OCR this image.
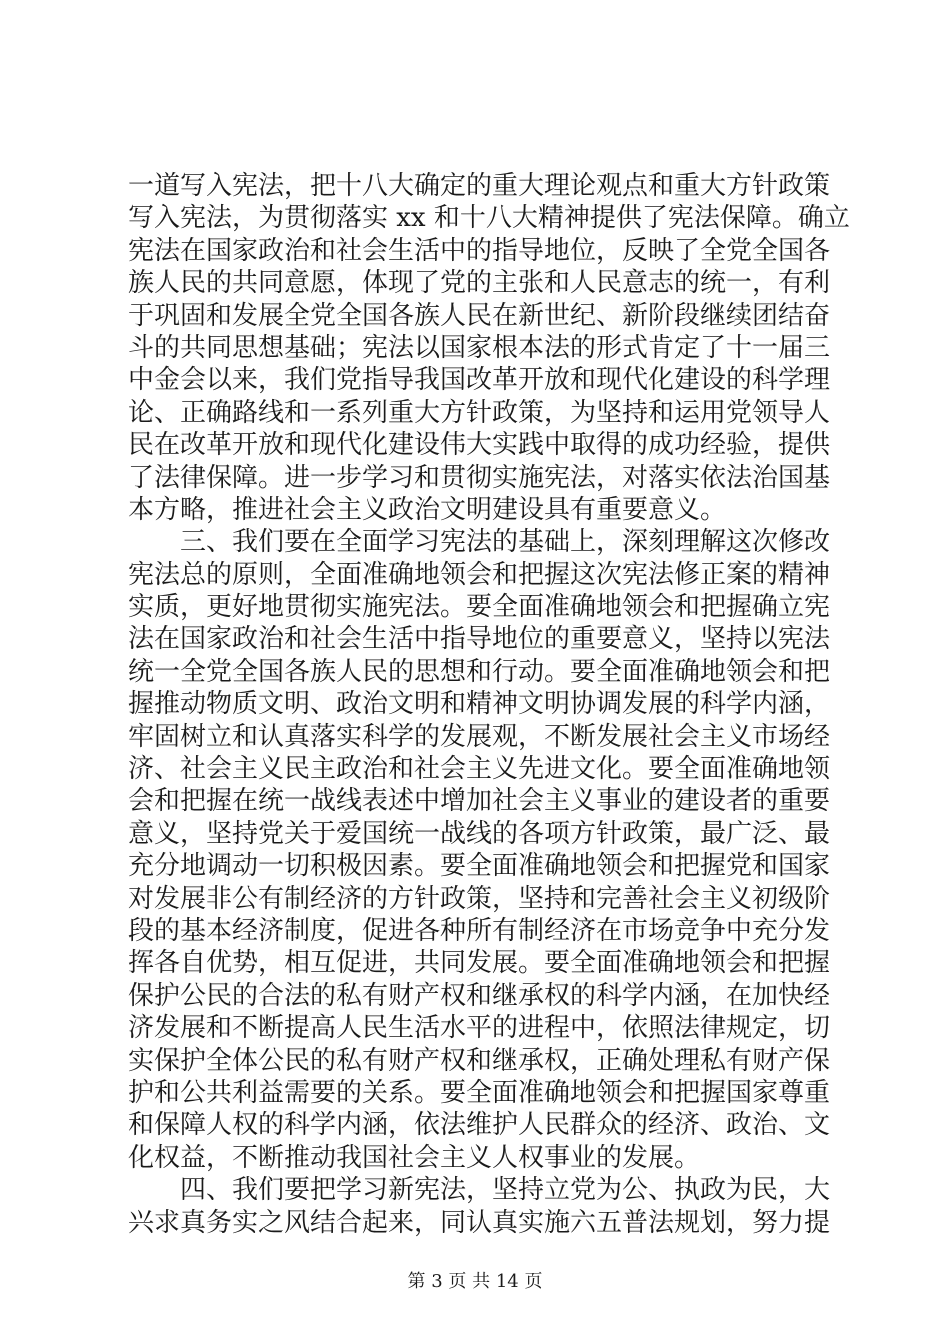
一道写入宪法，把十八大确定的重大理论观点和重大方针政策
写入宪法，为贯彻落实 xx 和十八大精神提供了宪法保障。确立
宪法在国家政治和社会生活中的指导地位，反映了全党全国各
族人民的共同意愿，体现了党的主张和人民意志的统一，有利
于巩固和发展全党全国各族人民在新世纪、新阶段继续团结奋
斗的共同思想基础；宪法以国家根本法的形式肯定了十一届三
中金会以来，我们党指导我国改革开放和现代化建设的科学理
论、正确路线和一系列重大方针政策，为坚持和运用党领导人
民在改革开放和现代化建设伟大实践中取得的成功经验，提供
了法律保障。进一步学习和贯彻实施宪法，对落实依法治国基
本方略，推进社会主义政治文明建设具有重要意义。
三、我们要在全面学习宪法的基础上，深刻理解这次修改
宪法总的原则，全面准确地领会和把握这次宪法修正案的精神
实质，更好地贯彻实施宪法。要全面准确地领会和把握确立宪
法在国家政治和社会生活中指导地位的重要意义，坚持以宪法
统一全党全国各族人民的思想和行动。要全面准确地领会和把
握推动物质文明、政治文明和精神文明协调发展的科学内涵，
牢固树立和认真落实科学的发展观，不断发展社会主义市场经
济、社会主义民主政治和社会主义先进文化。要全面准确地领
会和把握在统一战线表述中增加社会主义事业的建设者的重要
意义，坚持党关于爱国统一战线的各项方针政策，最广泛、最
充分地调动一切积极因素。要全面准确地领会和把握党和国家
对发展非公有制经济的方针政策，坚持和完善社会主义初级阶
段的基本经济制度，促进各种所有制经济在市场竞争中充分发
挥各自优势，相互促进，共同发展。要全面准确地领会和把握
保护公民的合法的私有财产权和继承权的科学内涵，在加快经
济发展和不断提高人民生活水平的进程中，依照法律规定，切
实保护全体公民的私有财产权和继承权，正确处理私有财产保
护和公共利益需要的关系。要全面准确地领会和把握国家尊重
和保障人权的科学内涵，依法维护人民群众的经济、政治、文
化权益，不断推动我国社会主义人权事业的发展。
四、我们要把学习新宪法，坚持立党为公、执政为民，大
兴求真务实之风结合起来，同认真实施六五普法规划，努力提
第 3 页 共 14 页
